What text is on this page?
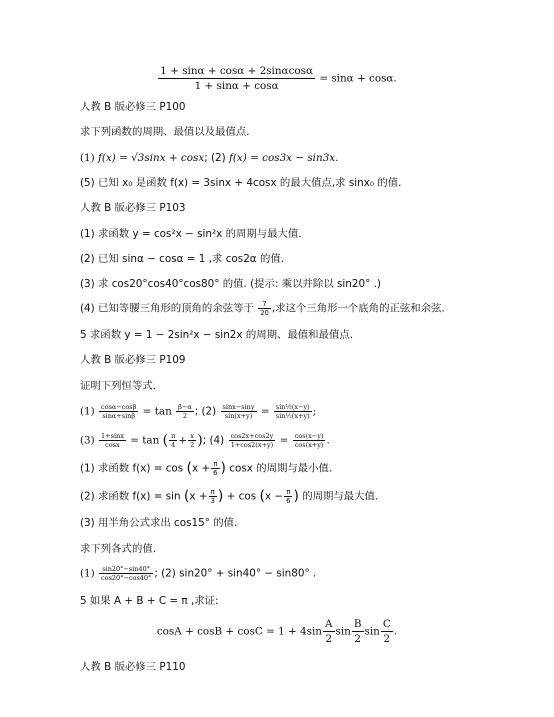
$\frac{1 + \sin\alpha + \cos\alpha + 2\sin\alpha\cos\alpha}{1 + \sin\alpha + \cos\alpha} = \sin\alpha + \cos\alpha$.
人教 B 版必修三 P100
求下列函数的周期、最值以及最值点.
(1) f(x) = √3sinx + cosx; (2) f(x) = cos3x − sin3x.
(5) 已知 x₀ 是函数 f(x) = 3sinx + 4cosx 的最大值点,求 sinx₀ 的值.
人教 B 版必修三 P103
(1) 求函数 y = cos²x − sin²x 的周期与最大值.
(2) 已知 sinα − cosα = 1 ,求 cos2α 的值.
(3) 求 cos20°cos40°cos80° 的值. (提示: 乘以并除以 sin20° .)
(4) 已知等腰三角形的顶角的余弦等于 $\frac{7}{20}$ ,求这个三角形一个底角的正弦和余弦.
5 求函数 y = 1 − 2sin²x − sin2x 的周期、最值和最值点.
人教 B 版必修三 P109
证明下列恒等式.
$(1) \frac{\cos\alpha-\cos\beta}{\sin\alpha+\sin\beta} = \tan \frac{\beta-\alpha}{2}$ ; $(2) \frac{\sin x-\sin y}{\sin(x+y)} = \frac{\text{sin½(x−y)}}{\text{sin½(x+y)}}$ ;
$(3) \frac{1+\sin x}{\cos x} = \tan$ ( $\frac{\pi}{4} + \frac{x}{2}$ ); $(4) \frac{\cos 2x+\cos 2y}{1+\cos 2(x+y)} = \frac{\cos(x-y)}{\cos(x+y)}$ .
(1) 求函数 $f(x) = \cos (x + \frac{\pi}{6}$ ) cosx 的周期与最小值.
(2) 求函数 $f(x) = \sin (x + \frac{\pi}{3}$ ) + $\cos (x - \frac{\pi}{6}$ ) 的周期与最大值.
(3) 用半角公式求出 cos15° 的值.
求下列各式的值.
$(1) \frac{\sin 20^\circ-\sin 40^\circ}{\cos 20^\circ-\cos 40^\circ}$ ; (2) sin20° + sin40° − sin80° .
5 如果 A + B + C = π ,求证:
$\cos A + \cos B + \cos C = 1 + 4\sin \frac{A}{2}$ $\sin \frac{B}{2}$ $\sin \frac{C}{2}$ .
人教 B 版必修三 P110
